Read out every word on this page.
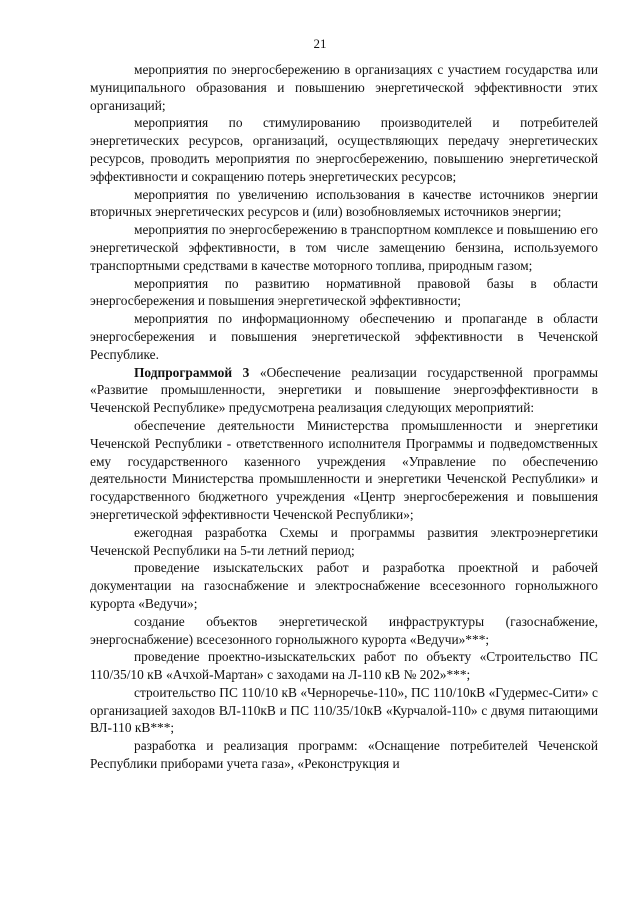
21

мероприятия по энергосбережению в организациях с участием государства или муниципального образования и повышению энергетической эффективности этих организаций;

мероприятия по стимулированию производителей и потребителей энергетических ресурсов, организаций, осуществляющих передачу энергетических ресурсов, проводить мероприятия по энергосбережению, повышению энергетической эффективности и сокращению потерь энергетических ресурсов;

мероприятия по увеличению использования в качестве источников энергии вторичных энергетических ресурсов и (или) возобновляемых источников энергии;

мероприятия по энергосбережению в транспортном комплексе и повышению его энергетической эффективности, в том числе замещению бензина, используемого транспортными средствами в качестве моторного топлива, природным газом;

мероприятия по развитию нормативной правовой базы в области энергосбережения и повышения энергетической эффективности;

мероприятия по информационному обеспечению и пропаганде в области энергосбережения и повышения энергетической эффективности в Чеченской Республике.

Подпрограммой 3 «Обеспечение реализации государственной программы «Развитие промышленности, энергетики и повышение энергоэффективности в Чеченской Республике» предусмотрена реализация следующих мероприятий:

обеспечение деятельности Министерства промышленности и энергетики Чеченской Республики - ответственного исполнителя Программы и подведомственных ему государственного казенного учреждения «Управление по обеспечению деятельности Министерства промышленности и энергетики Чеченской Республики» и государственного бюджетного учреждения «Центр энергосбережения и повышения энергетической эффективности Чеченской Республики»;

ежегодная разработка Схемы и программы развития электроэнергетики Чеченской Республики на 5-ти летний период;

проведение изыскательских работ и разработка проектной и рабочей документации на газоснабжение и электроснабжение всесезонного горнолыжного курорта «Ведучи»;

создание объектов энергетической инфраструктуры (газоснабжение, энергоснабжение) всесезонного горнолыжного курорта «Ведучи»***;

проведение проектно-изыскательских работ по объекту «Строительство ПС 110/35/10 кВ «Ачхой-Мартан» с заходами на Л-110 кВ № 202»***;

строительство ПС 110/10 кВ «Черноречье-110», ПС 110/10кВ «Гудермес-Сити» с организацией заходов ВЛ-110кВ и ПС 110/35/10кВ «Курчалой-110» с двумя питающими ВЛ-110 кВ***;

разработка и реализация программ: «Оснащение потребителей Чеченской Республики приборами учета газа», «Реконструкция и
